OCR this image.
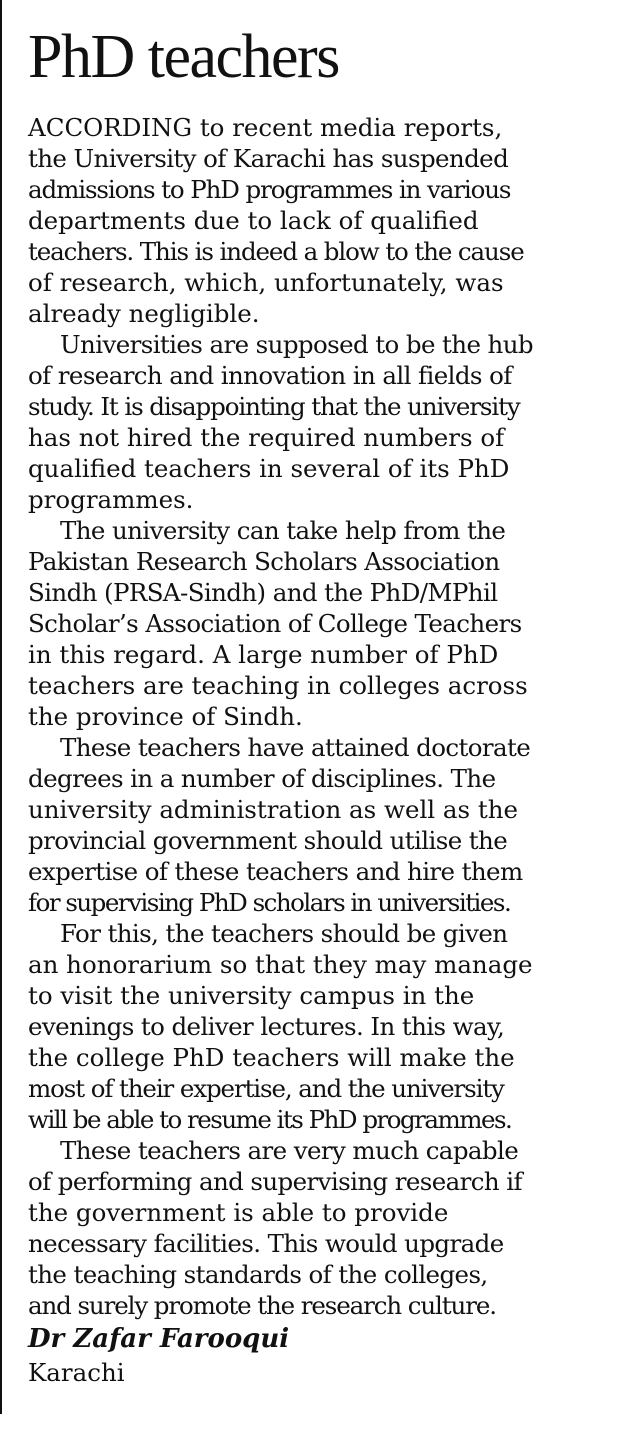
PhD teachers
ACCORDING to recent media reports,
the University of Karachi has suspended
admissions to PhD programmes in various
departments due to lack of qualified
teachers. This is indeed a blow to the cause
of research, which, unfortunately, was
already negligible.
Universities are supposed to be the hub
of research and innovation in all fields of
study. It is disappointing that the university
has not hired the required numbers of
qualified teachers in several of its PhD
programmes.
The university can take help from the
Pakistan Research Scholars Association
Sindh (PRSA-Sindh) and the PhD/MPhil
Scholar’s Association of College Teachers
in this regard. A large number of PhD
teachers are teaching in colleges across
the province of Sindh.
These teachers have attained doctorate
degrees in a number of disciplines. The
university administration as well as the
provincial government should utilise the
expertise of these teachers and hire them
for supervising PhD scholars in universities.
For this, the teachers should be given
an honorarium so that they may manage
to visit the university campus in the
evenings to deliver lectures. In this way,
the college PhD teachers will make the
most of their expertise, and the university
will be able to resume its PhD programmes.
These teachers are very much capable
of performing and supervising research if
the government is able to provide
necessary facilities. This would upgrade
the teaching standards of the colleges,
and surely promote the research culture.
Dr Zafar Farooqui
Karachi
